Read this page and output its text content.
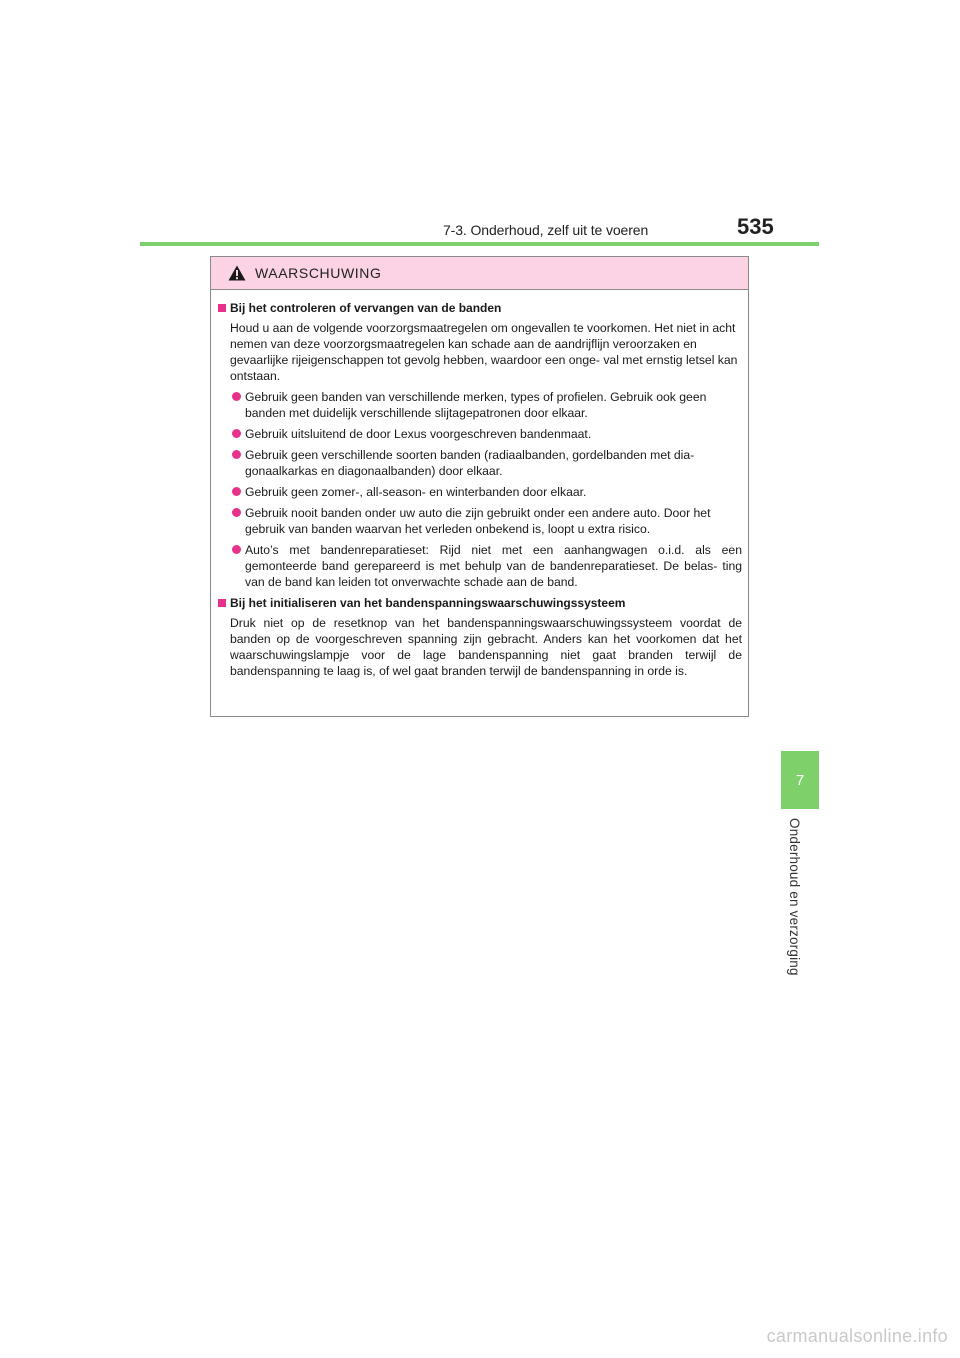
7-3. Onderhoud, zelf uit te voeren	535
WAARSCHUWING
Bij het controleren of vervangen van de banden
Houd u aan de volgende voorzorgsmaatregelen om ongevallen te voorkomen. Het niet in acht nemen van deze voorzorgsmaatregelen kan schade aan de aandrijflijn veroorzaken en gevaarlijke rijeigenschappen tot gevolg hebben, waardoor een onge- val met ernstig letsel kan ontstaan.
Gebruik geen banden van verschillende merken, types of profielen. Gebruik ook geen banden met duidelijk verschillende slijtagepatronen door elkaar.
Gebruik uitsluitend de door Lexus voorgeschreven bandenmaat.
Gebruik geen verschillende soorten banden (radiaalbanden, gordelbanden met dia- gonaalkarkas en diagonaalbanden) door elkaar.
Gebruik geen zomer-, all-season- en winterbanden door elkaar.
Gebruik nooit banden onder uw auto die zijn gebruikt onder een andere auto. Door het gebruik van banden waarvan het verleden onbekend is, loopt u extra risico.
Auto’s met bandenreparatieset: Rijd niet met een aanhangwagen o.i.d. als een gemonteerde band gerepareerd is met behulp van de bandenreparatieset. De belas- ting van de band kan leiden tot onverwachte schade aan de band.
Bij het initialiseren van het bandenspanningswaarschuwingssysteem
Druk niet op de resetknop van het bandenspanningswaarschuwingssysteem voordat de banden op de voorgeschreven spanning zijn gebracht. Anders kan het voorkomen dat het waarschuwingslampje voor de lage bandenspanning niet gaat branden terwijl de bandenspanning te laag is, of wel gaat branden terwijl de bandenspanning in orde is.
7
Onderhoud en verzorging
carmanualsonline.info
